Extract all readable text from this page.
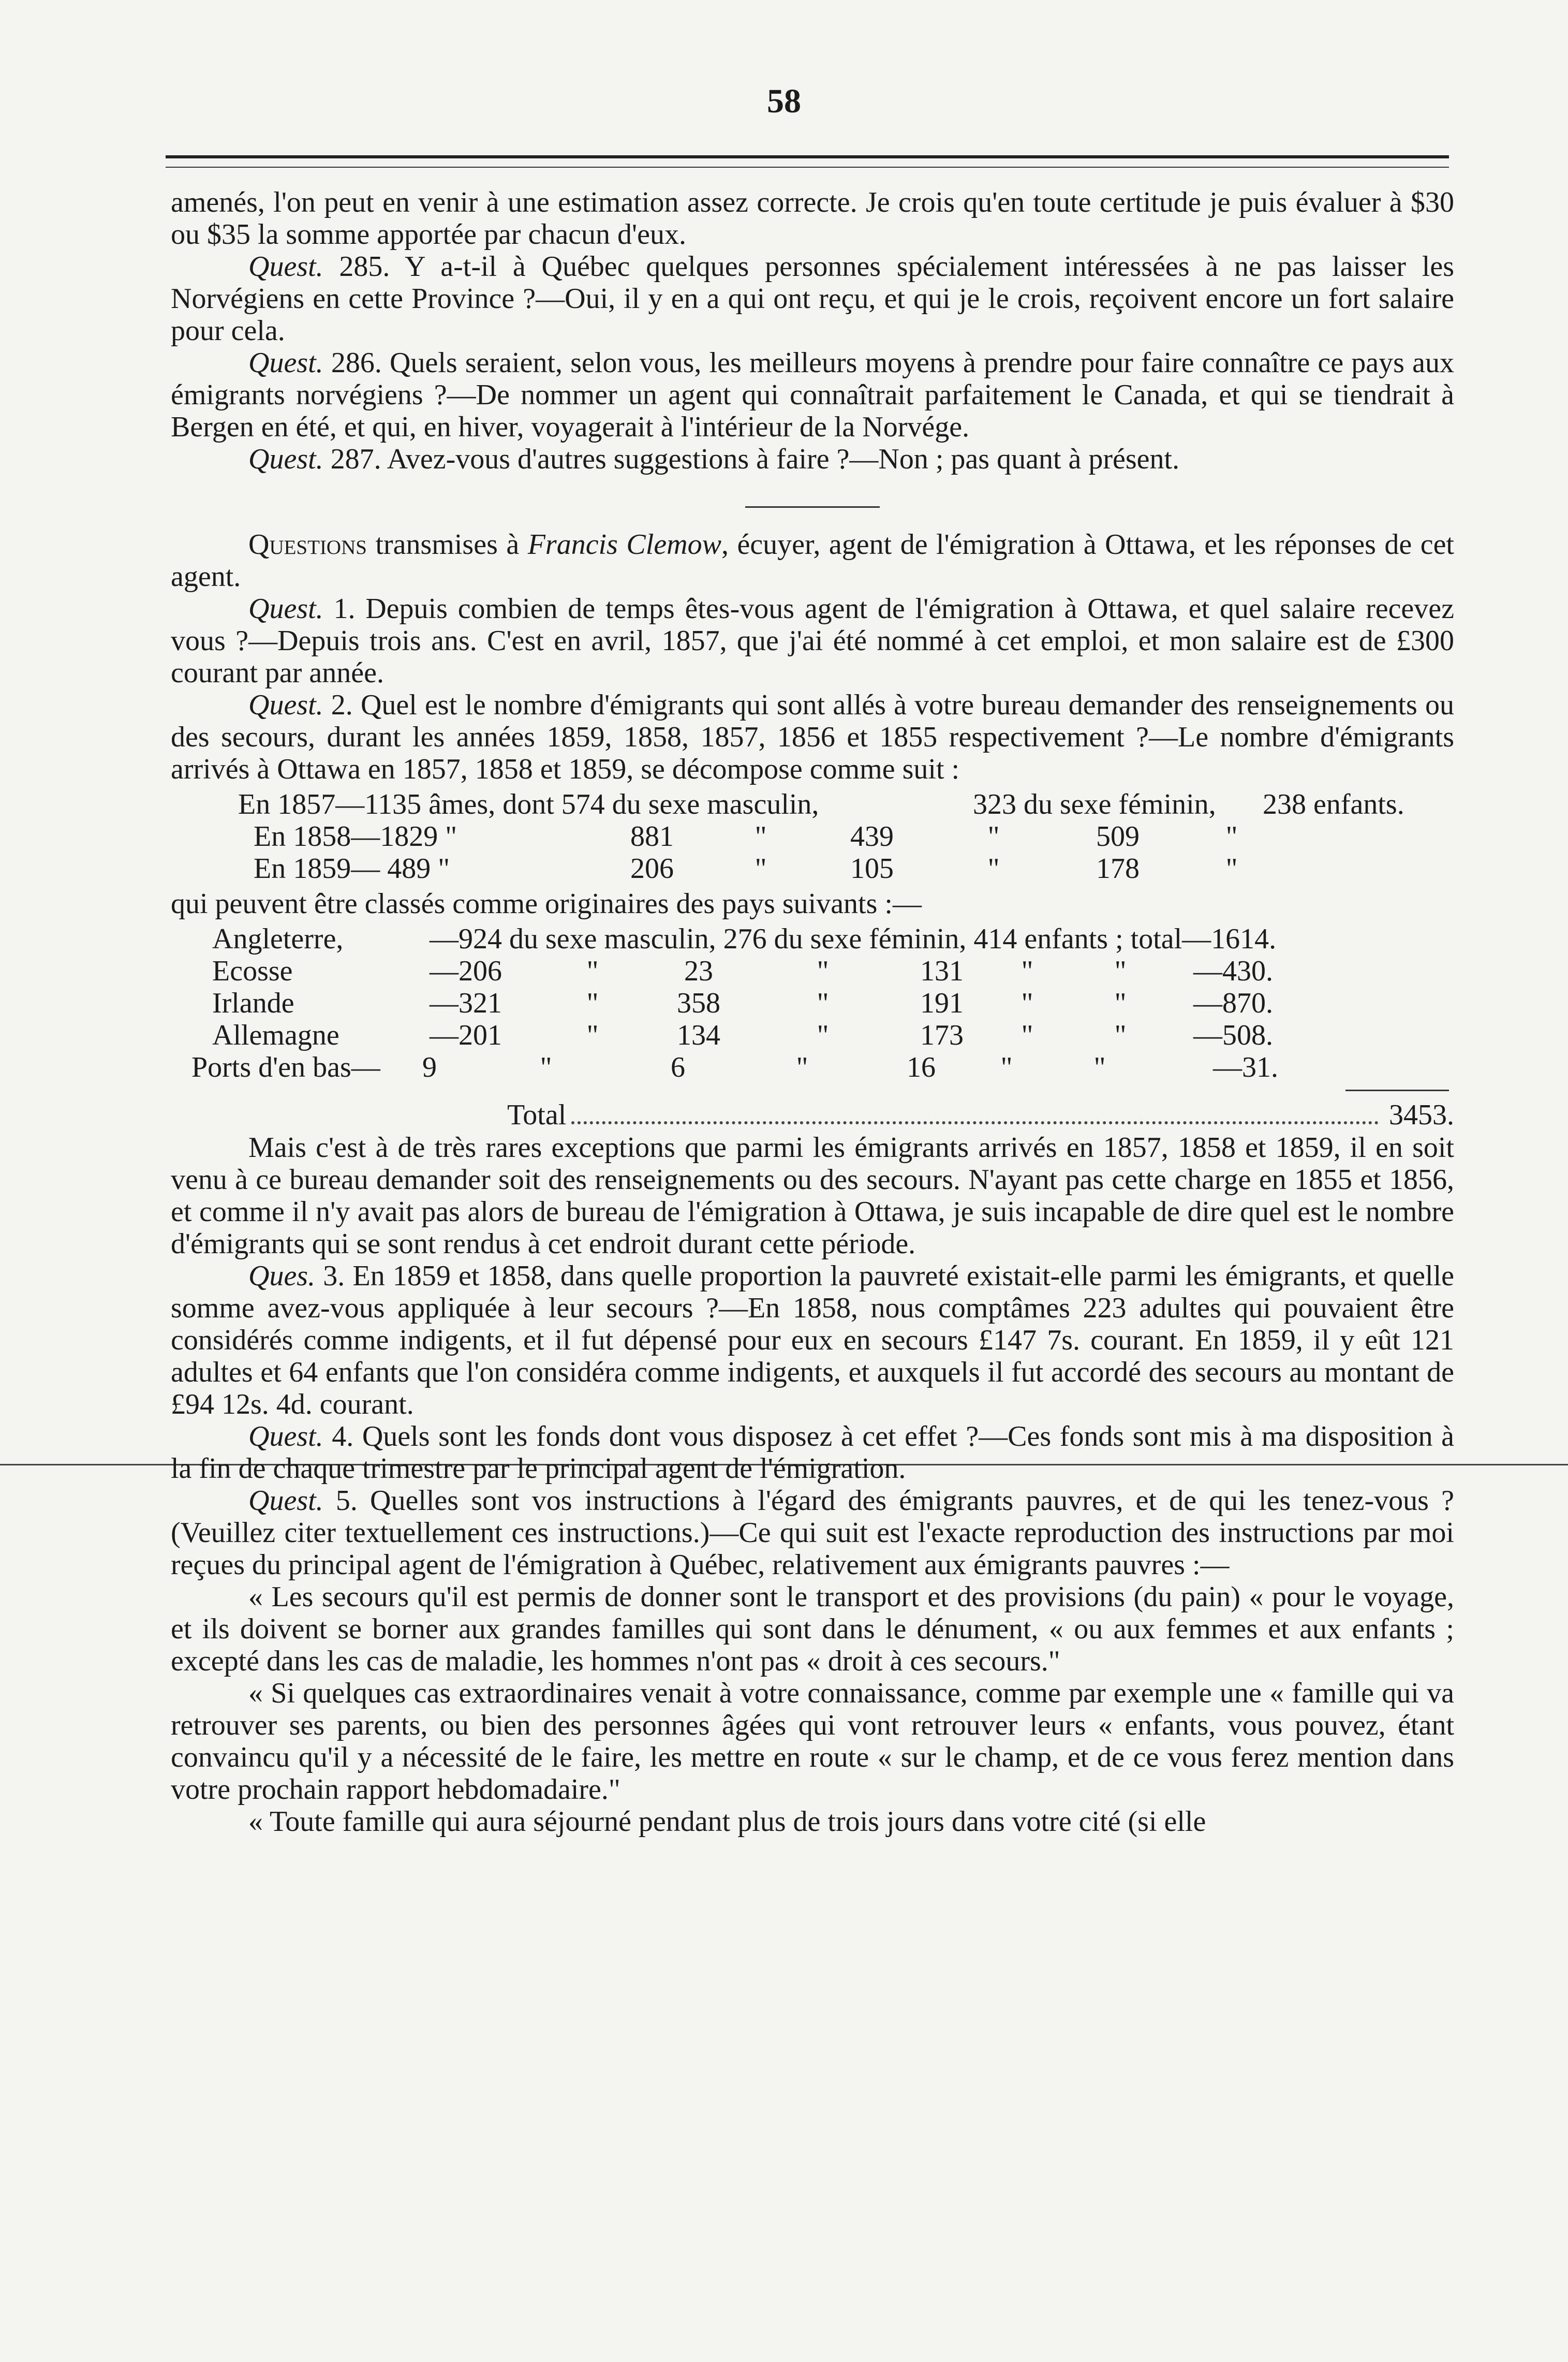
58

amenés, l'on peut en venir à une estimation assez correcte. Je crois qu'en toute certitude je puis évaluer à $30 ou $35 la somme apportée par chacun d'eux.

Quest. 285. Y a-t-il à Québec quelques personnes spécialement intéressées à ne pas laisser les Norvégiens en cette Province ?—Oui, il y en a qui ont reçu, et qui je le crois, reçoivent encore un fort salaire pour cela.

Quest. 286. Quels seraient, selon vous, les meilleurs moyens à prendre pour faire connaître ce pays aux émigrants norvégiens ?—De nommer un agent qui connaîtrait parfaitement le Canada, et qui se tiendrait à Bergen en été, et qui, en hiver, voyagerait à l'intérieur de la Norvége.

Quest. 287. Avez-vous d'autres suggestions à faire ?—Non ; pas quant à présent.

Questions transmises à Francis Clemow, écuyer, agent de l'émigration à Ottawa, et les réponses de cet agent.

Quest. 1. Depuis combien de temps êtes-vous agent de l'émigration à Ottawa, et quel salaire recevez vous ?—Depuis trois ans. C'est en avril, 1857, que j'ai été nommé à cet emploi, et mon salaire est de £300 courant par année.

Quest. 2. Quel est le nombre d'émigrants qui sont allés à votre bureau demander des renseignements ou des secours, durant les années 1859, 1858, 1857, 1856 et 1855 respectivement ?—Le nombre d'émigrants arrivés à Ottawa en 1857, 1858 et 1859, se décompose comme suit :

En 1857—1135 âmes, dont 574 du sexe masculin,	323 du sexe féminin,	238 enfants.
En 1858—1829 "	881	"	439	"	509	"
En 1859— 489 "	206	"	105	"	178	"

qui peuvent être classés comme originaires des pays suivants :—

Angleterre,	—924 du sexe masculin, 276 du sexe féminin, 414 enfants ; total—1614.
Ecosse	—206	"	23	"	131	"	"	—430.
Irlande	—321	"	358	"	191	"	"	—870.
Allemagne	—201	"	134	"	173	"	"	—508.
Ports d'en bas—	9	"	6	"	16	"	"	—31.
Total	3453.

Mais c'est à de très rares exceptions que parmi les émigrants arrivés en 1857, 1858 et 1859, il en soit venu à ce bureau demander soit des renseignements ou des secours. N'ayant pas cette charge en 1855 et 1856, et comme il n'y avait pas alors de bureau de l'émigration à Ottawa, je suis incapable de dire quel est le nombre d'émigrants qui se sont rendus à cet endroit durant cette période.

Ques. 3. En 1859 et 1858, dans quelle proportion la pauvreté existait-elle parmi les émigrants, et quelle somme avez-vous appliquée à leur secours ?—En 1858, nous comptâmes 223 adultes qui pouvaient être considérés comme indigents, et il fut dépensé pour eux en secours £147 7s. courant. En 1859, il y eût 121 adultes et 64 enfants que l'on considéra comme indigents, et auxquels il fut accordé des secours au montant de £94 12s. 4d. courant.

Quest. 4. Quels sont les fonds dont vous disposez à cet effet ?—Ces fonds sont mis à ma disposition à la fin de chaque trimestre par le principal agent de l'émigration.

Quest. 5. Quelles sont vos instructions à l'égard des émigrants pauvres, et de qui les tenez-vous ? (Veuillez citer textuellement ces instructions.)—Ce qui suit est l'exacte reproduction des instructions par moi reçues du principal agent de l'émigration à Québec, relativement aux émigrants pauvres :—

« Les secours qu'il est permis de donner sont le transport et des provisions (du pain) « pour le voyage, et ils doivent se borner aux grandes familles qui sont dans le dénument, « ou aux femmes et aux enfants ; excepté dans les cas de maladie, les hommes n'ont pas « droit à ces secours."

« Si quelques cas extraordinaires venait à votre connaissance, comme par exemple une « famille qui va retrouver ses parents, ou bien des personnes âgées qui vont retrouver leurs « enfants, vous pouvez, étant convaincu qu'il y a nécessité de le faire, les mettre en route « sur le champ, et de ce vous ferez mention dans votre prochain rapport hebdomadaire."

« Toute famille qui aura séjourné pendant plus de trois jours dans votre cité (si elle
